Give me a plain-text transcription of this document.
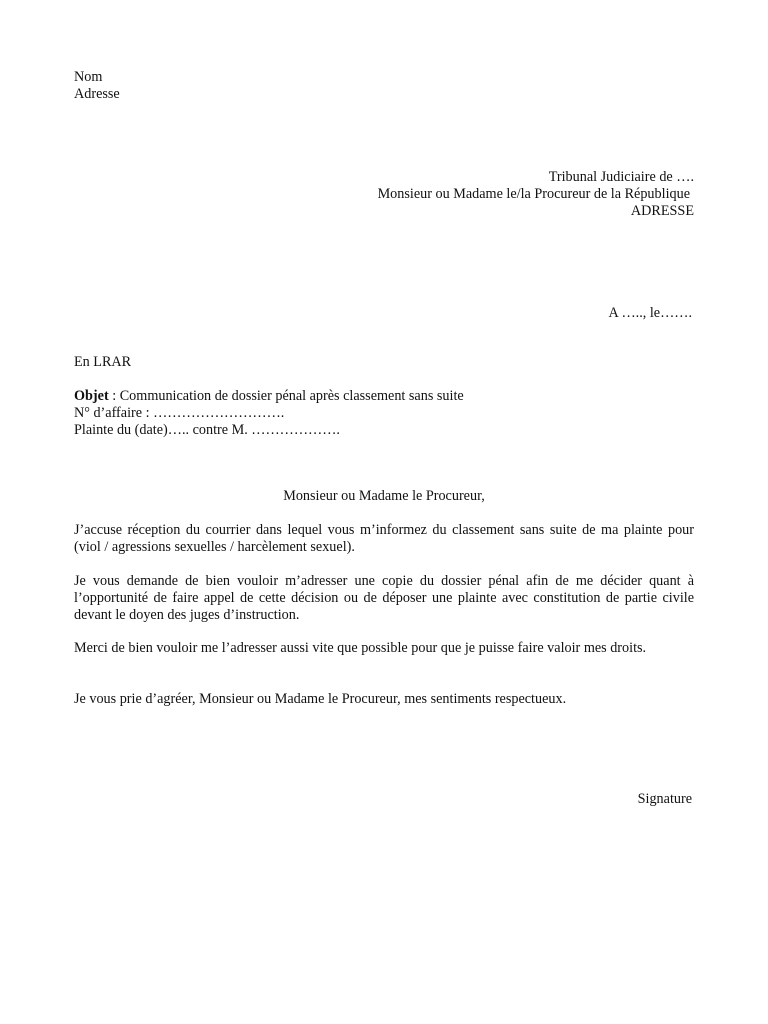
Nom
Adresse
Tribunal Judiciaire de ….
Monsieur ou Madame le/la Procureur de la République
ADRESSE
A ….., le…….
En LRAR
Objet : Communication de dossier pénal après classement sans suite
N° d’affaire : ……………………….
Plainte du (date)….. contre M. ……………….
Monsieur ou Madame le Procureur,

J’accuse réception du courrier dans lequel vous m’informez du classement sans suite de ma plainte pour (viol / agressions sexuelles / harcèlement sexuel).

Je vous demande de bien vouloir m’adresser une copie du dossier pénal afin de me décider quant à l’opportunité de faire appel de cette décision ou de déposer une plainte avec constitution de partie civile devant le doyen des juges d’instruction.

Merci de bien vouloir me l’adresser aussi vite que possible pour que je puisse faire valoir mes droits.

Je vous prie d’agréer, Monsieur ou Madame le Procureur, mes sentiments respectueux.

Signature
